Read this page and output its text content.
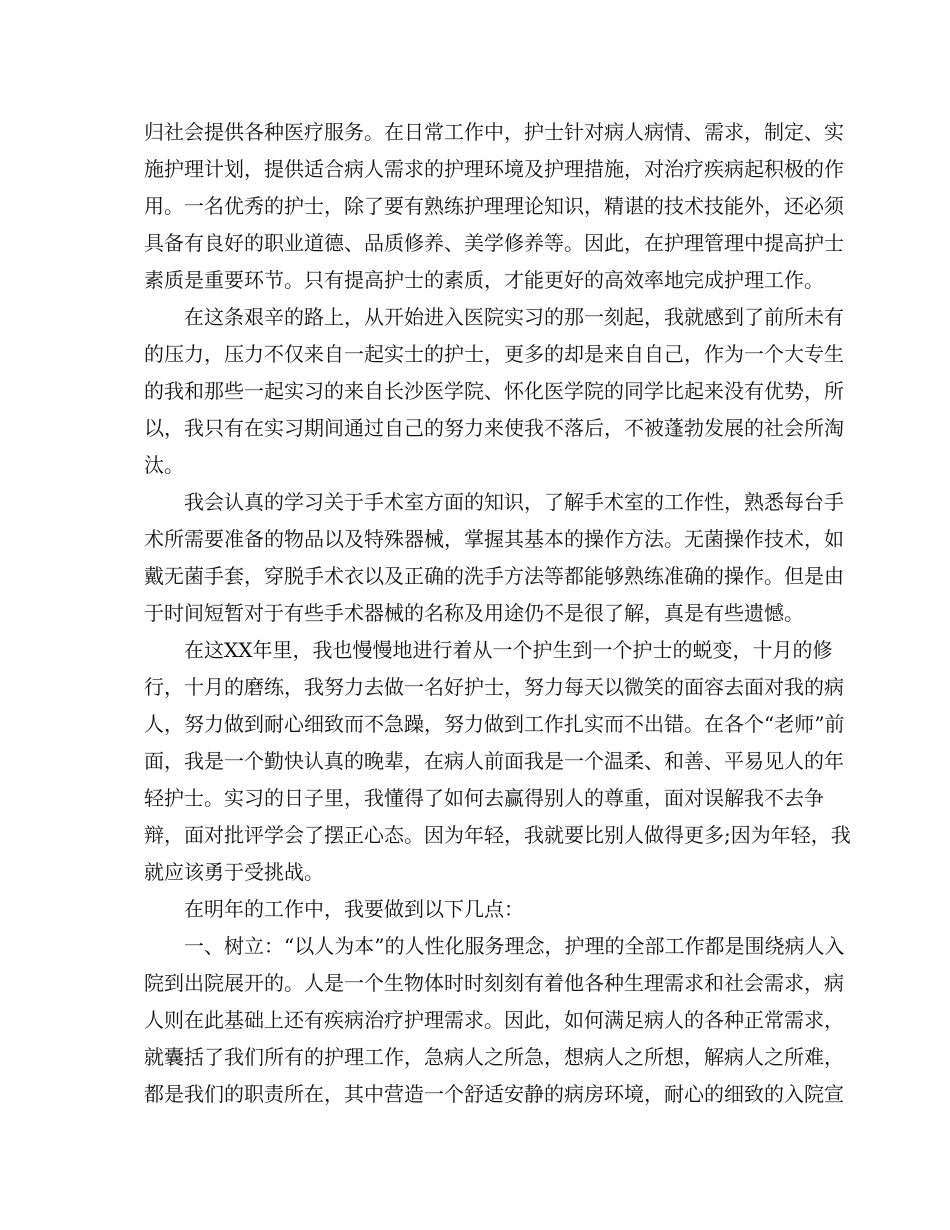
归社会提供各种医疗服务。在日常工作中，护士针对病人病情、需求，制定、实
施护理计划，提供适合病人需求的护理环境及护理措施，对治疗疾病起积极的作
用。一名优秀的护士，除了要有熟练护理理论知识，精谌的技术技能外，还必须
具备有良好的职业道德、品质修养、美学修养等。因此，在护理管理中提高护士
素质是重要环节。只有提高护士的素质，才能更好的高效率地完成护理工作。
在这条艰辛的路上，从开始进入医院实习的那一刻起，我就感到了前所未有
的压力，压力不仅来自一起实士的护士，更多的却是来自自己，作为一个大专生
的我和那些一起实习的来自长沙医学院、怀化医学院的同学比起来没有优势，所
以，我只有在实习期间通过自己的努力来使我不落后，不被蓬勃发展的社会所淘
汰。
我会认真的学习关于手术室方面的知识，了解手术室的工作性，熟悉每台手
术所需要准备的物品以及特殊器械，掌握其基本的操作方法。无菌操作技术，如
戴无菌手套，穿脱手术衣以及正确的洗手方法等都能够熟练准确的操作。但是由
于时间短暂对于有些手术器械的名称及用途仍不是很了解，真是有些遗憾。
在这XX年里，我也慢慢地进行着从一个护生到一个护士的蜕变，十月的修
行，十月的磨练，我努力去做一名好护士，努力每天以微笑的面容去面对我的病
人，努力做到耐心细致而不急躁，努力做到工作扎实而不出错。在各个“老师”前
面，我是一个勤快认真的晚辈，在病人前面我是一个温柔、和善、平易见人的年
轻护士。实习的日子里，我懂得了如何去赢得别人的尊重，面对误解我不去争
辩，面对批评学会了摆正心态。因为年轻，我就要比别人做得更多;因为年轻，我
就应该勇于受挑战。
在明年的工作中，我要做到以下几点：
一、树立：“以人为本”的人性化服务理念，护理的全部工作都是围绕病人入
院到出院展开的。人是一个生物体时时刻刻有着他各种生理需求和社会需求，病
人则在此基础上还有疾病治疗护理需求。因此，如何满足病人的各种正常需求，
就囊括了我们所有的护理工作，急病人之所急，想病人之所想，解病人之所难，
都是我们的职责所在，其中营造一个舒适安静的病房环境，耐心的细致的入院宣
